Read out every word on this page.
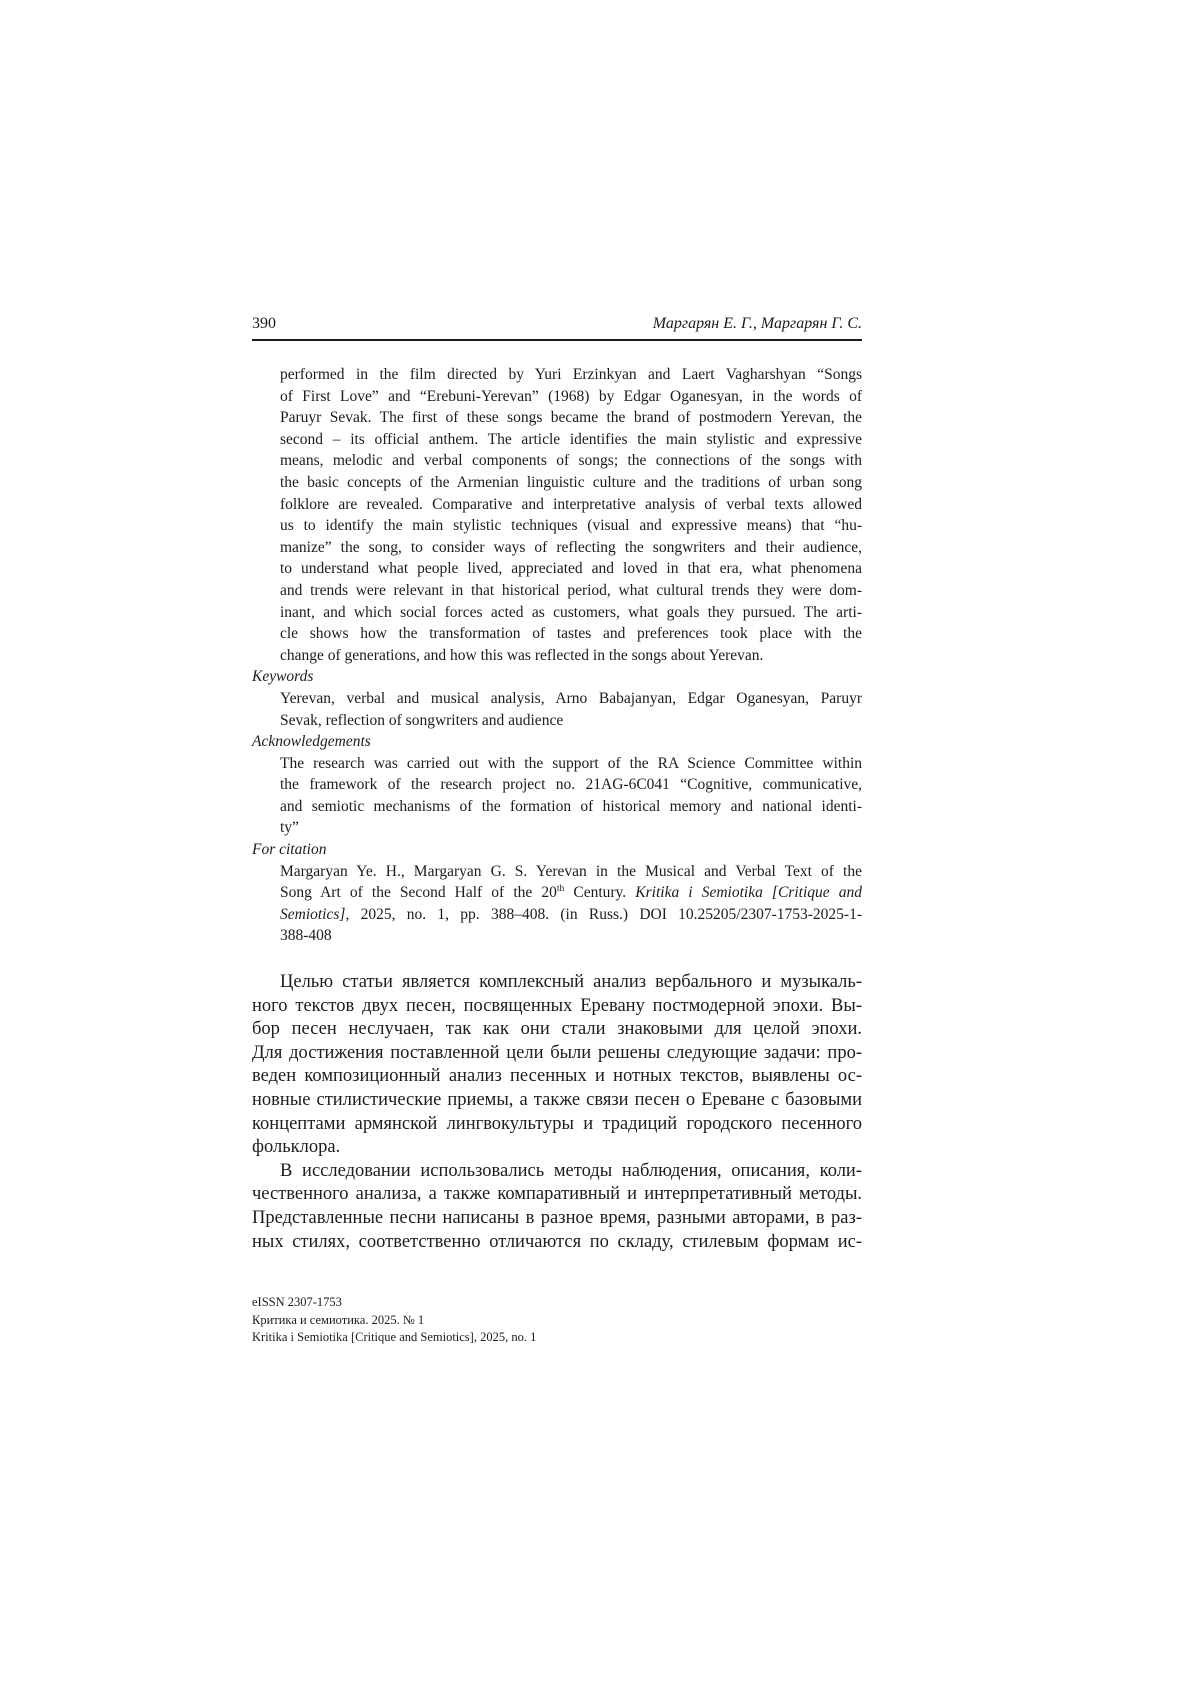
390	Маргарян Е. Г., Маргарян Г. С.
performed in the film directed by Yuri Erzinkyan and Laert Vagharshyan “Songs
of First Love” and “Erebuni-Yerevan” (1968) by Edgar Oganesyan, in the words of
Paruyr Sevak. The first of these songs became the brand of postmodern Yerevan, the
second – its official anthem. The article identifies the main stylistic and expressive
means, melodic and verbal components of songs; the connections of the songs with
the basic concepts of the Armenian linguistic culture and the traditions of urban song
folklore are revealed. Comparative and interpretative analysis of verbal texts allowed
us to identify the main stylistic techniques (visual and expressive means) that “hu-
manize” the song, to consider ways of reflecting the songwriters and their audience,
to understand what people lived, appreciated and loved in that era, what phenomena
and trends were relevant in that historical period, what cultural trends they were dom-
inant, and which social forces acted as customers, what goals they pursued. The arti-
cle shows how the transformation of tastes and preferences took place with the
change of generations, and how this was reflected in the songs about Yerevan.
Keywords
Yerevan, verbal and musical analysis, Arno Babajanyan, Edgar Oganesyan, Paruyr
Sevak, reflection of songwriters and audience
Acknowledgements
The research was carried out with the support of the RA Science Committee within
the framework of the research project no. 21AG-6C041 “Cognitive, communicative,
and semiotic mechanisms of the formation of historical memory and national identi-
ty”
For citation
Margaryan Ye. H., Margaryan G. S. Yerevan in the Musical and Verbal Text of the
Song Art of the Second Half of the 20th Century. Kritika i Semiotika [Critique and
Semiotics], 2025, no. 1, pp. 388–408. (in Russ.) DOI 10.25205/2307-1753-2025-1-
388-408
Целью статьи является комплексный анализ вербального и музыкаль-
ного текстов двух песен, посвященных Еревану постмодерной эпохи. Вы-
бор песен неслучаен, так как они стали знаковыми для целой эпохи.
Для достижения поставленной цели были решены следующие задачи: про-
веден композиционный анализ песенных и нотных текстов, выявлены ос-
новные стилистические приемы, а также связи песен о Ереване с базовыми
концептами армянской лингвокультуры и традиций городского песенного
фольклора.
В исследовании использовались методы наблюдения, описания, коли-
чественного анализа, а также компаративный и интерпретативный методы.
Представленные песни написаны в разное время, разными авторами, в раз-
ных стилях, соответственно отличаются по складу, стилевым формам ис-
eISSN 2307-1753
Критика и семиотика. 2025. № 1
Kritika i Semiotika [Critique and Semiotics], 2025, no. 1
